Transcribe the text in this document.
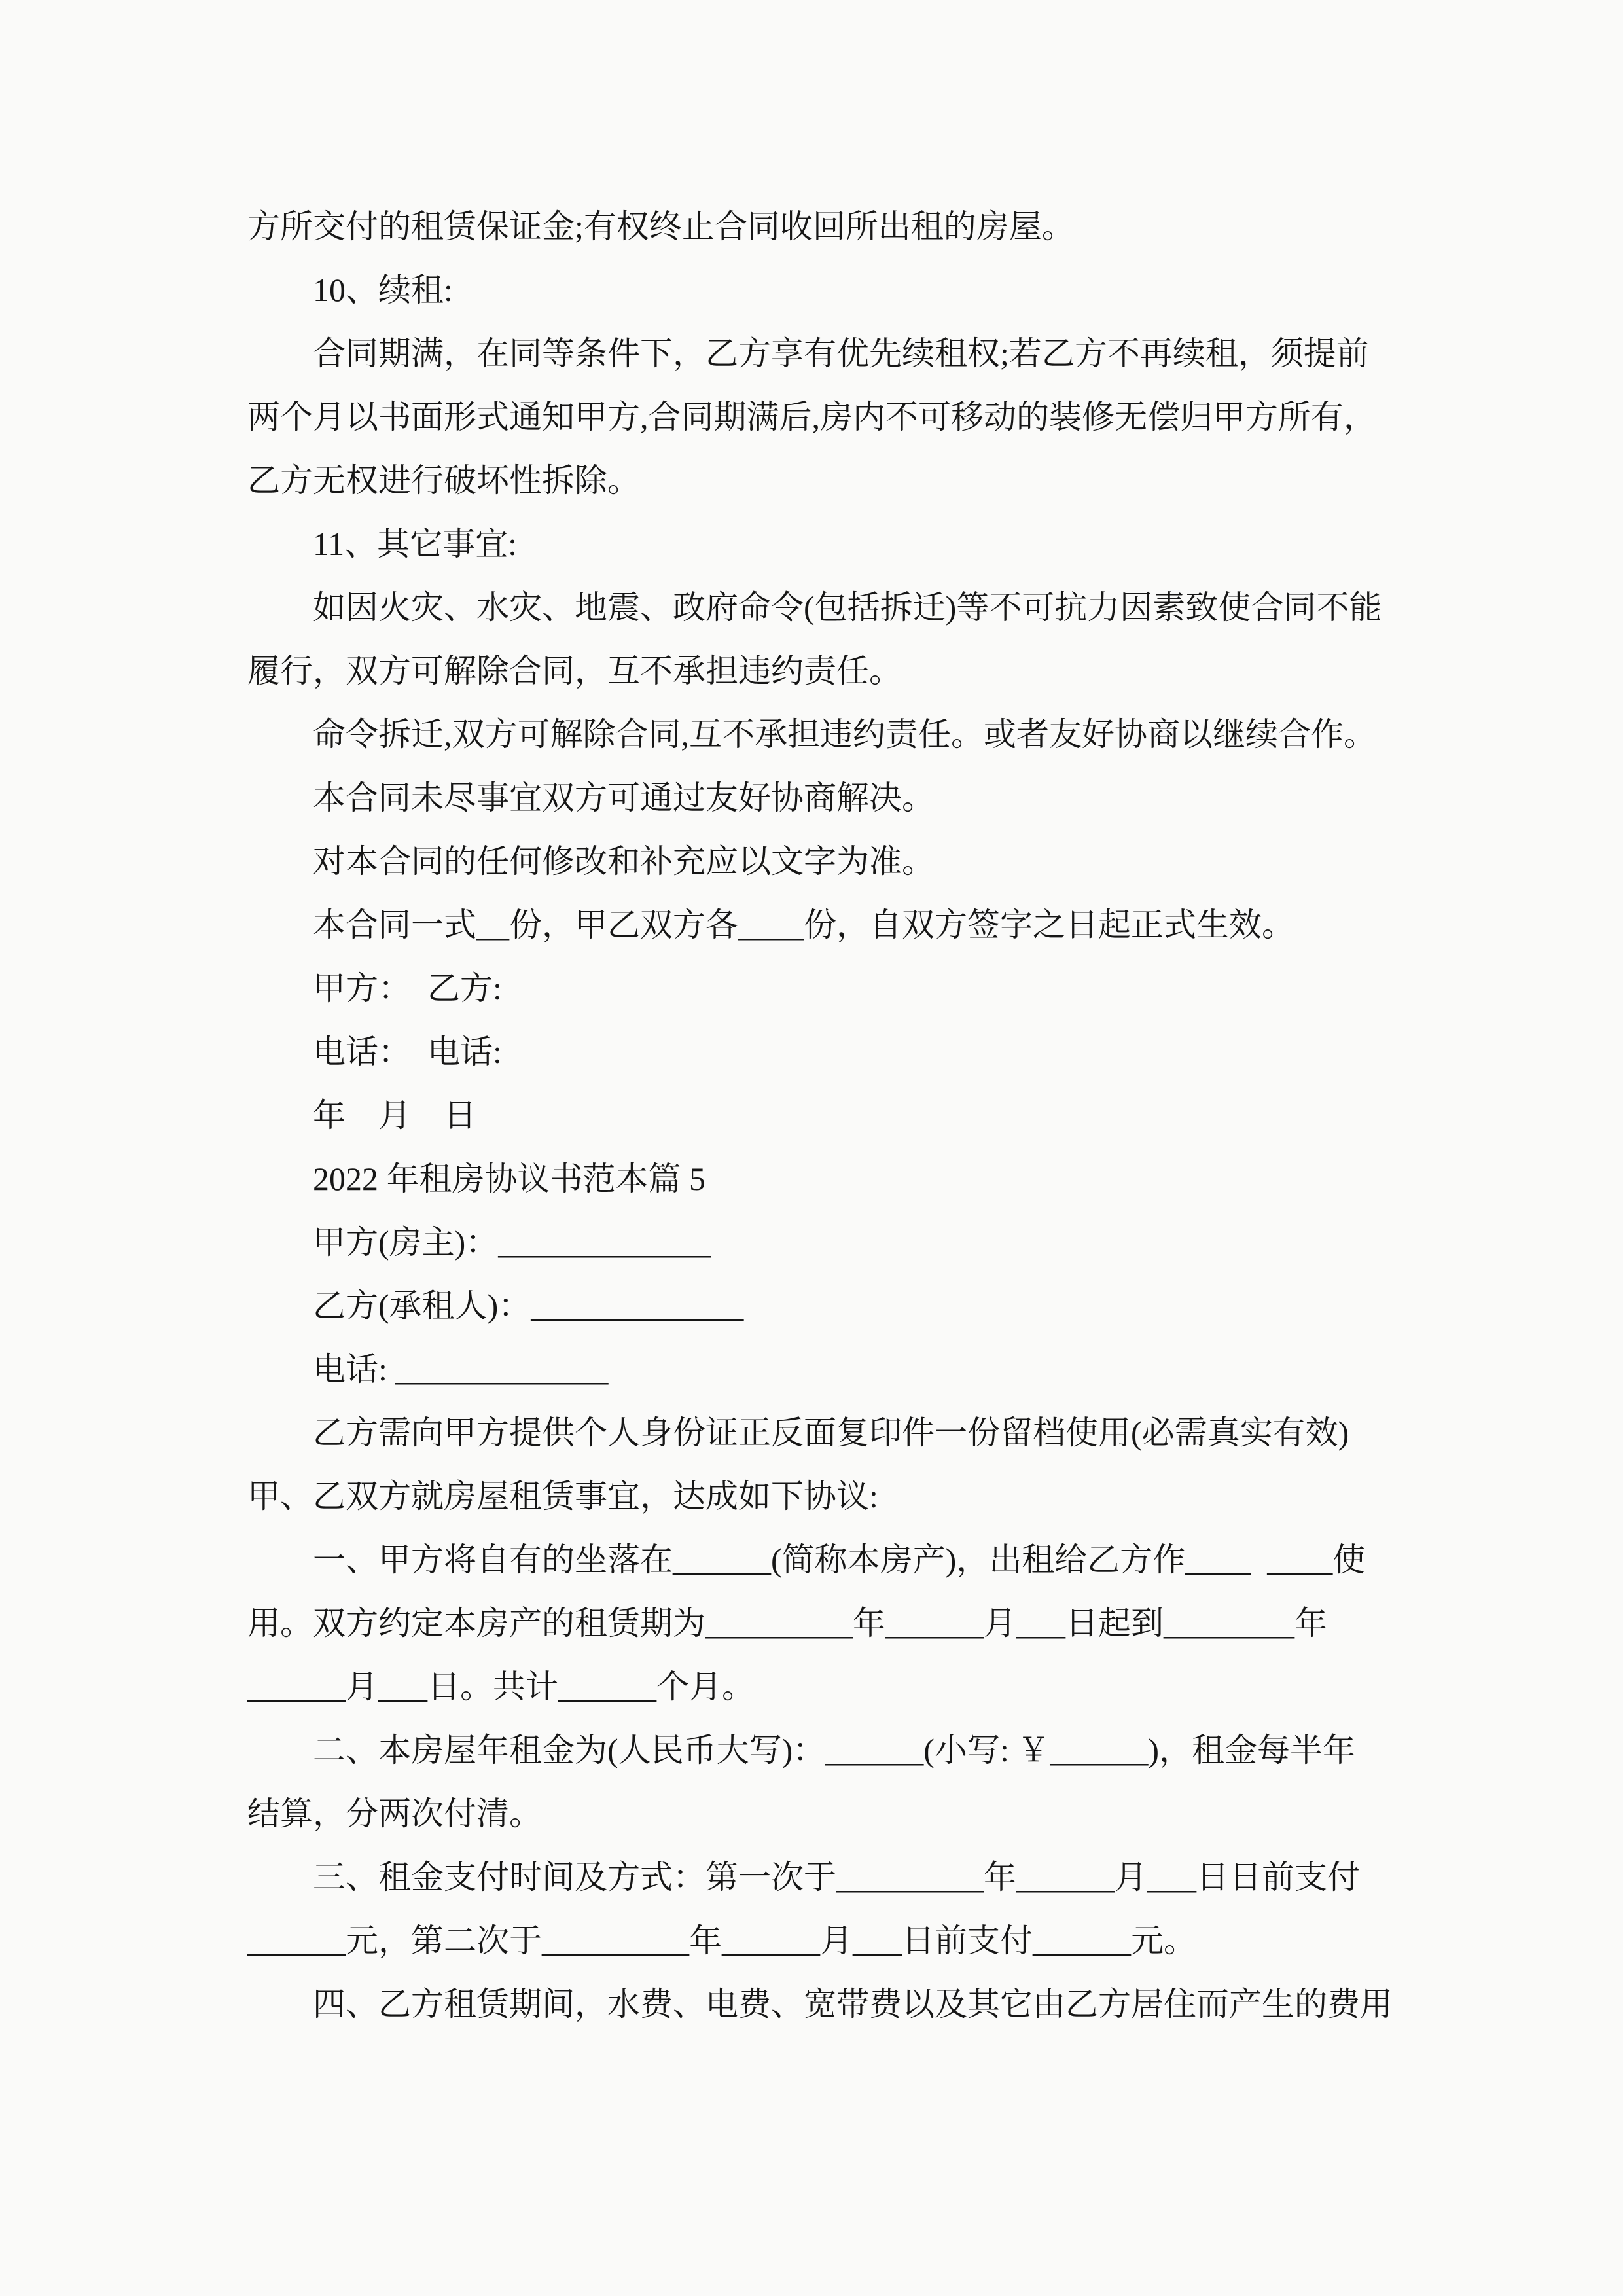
方所交付的租赁保证金;有权终止合同收回所出租的房屋。
　　10、续租:
　　合同期满，在同等条件下，乙方享有优先续租权;若乙方不再续租，须提前
两个月以书面形式通知甲方,合同期满后,房内不可移动的装修无偿归甲方所有，
乙方无权进行破坏性拆除。
　　11、其它事宜:
　　如因火灾、水灾、地震、政府命令(包括拆迁)等不可抗力因素致使合同不能
履行，双方可解除合同，互不承担违约责任。
　　命令拆迁,双方可解除合同,互不承担违约责任。或者友好协商以继续合作。
　　本合同未尽事宜双方可通过友好协商解决。
　　对本合同的任何修改和补充应以文字为准。
　　本合同一式__份，甲乙双方各____份，自双方签字之日起正式生效。
　　甲方：　乙方:
　　电话：　电话:
　　年　月　日
　　2022 年租房协议书范本篇 5
　　甲方(房主)：_____________
　　乙方(承租人)：_____________
　　电话: _____________
　　乙方需向甲方提供个人身份证正反面复印件一份留档使用(必需真实有效)
甲、乙双方就房屋租赁事宜，达成如下协议:
　　一、甲方将自有的坐落在______(简称本房产)，出租给乙方作____  ____使
用。双方约定本房产的租赁期为_________年______月___日起到________年
______月___日。共计______个月。
　　二、本房屋年租金为(人民币大写)：______(小写: ￥______)，租金每半年
结算，分两次付清。
　　三、租金支付时间及方式：第一次于_________年______月___日日前支付
______元，第二次于_________年______月___日前支付______元。
　　四、乙方租赁期间，水费、电费、宽带费以及其它由乙方居住而产生的费用
